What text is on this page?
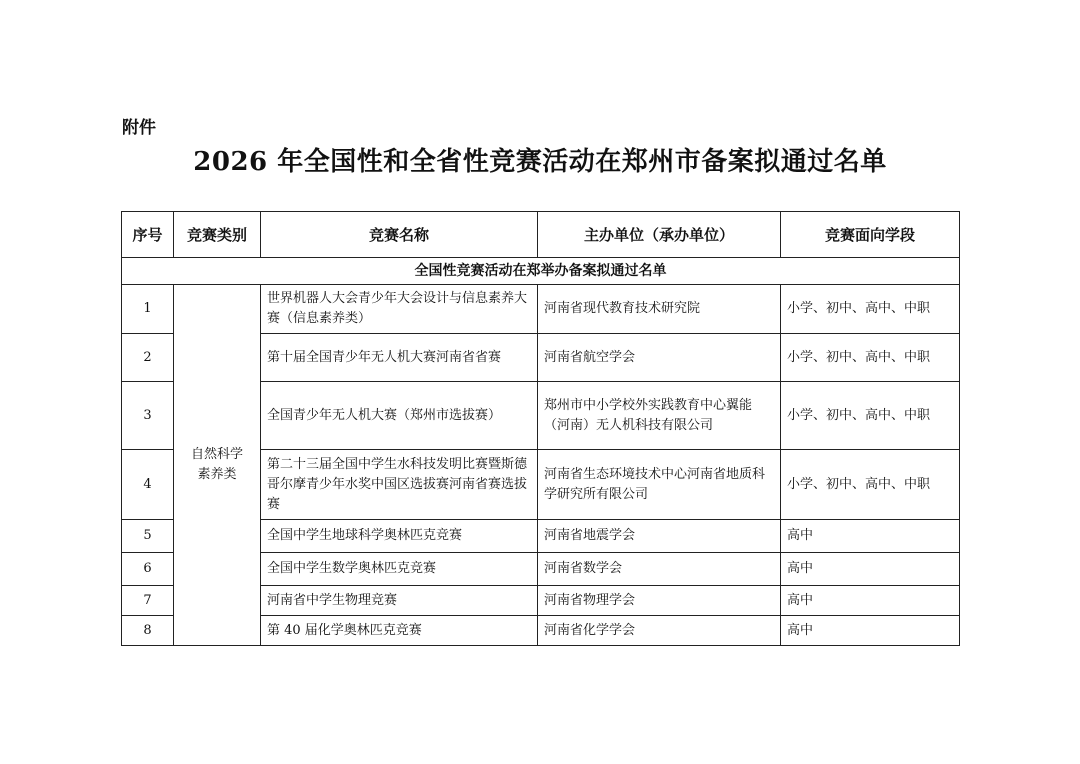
附件
2026 年全国性和全省性竞赛活动在郑州市备案拟通过名单
序号	竞赛类别	竞赛名称	主办单位（承办单位）	竞赛面向学段
全国性竞赛活动在郑举办备案拟通过名单				
1	自然科学素养类	世界机器人大会青少年大会设计与信息素养大赛（信息素养类）	河南省现代教育技术研究院	小学、初中、高中、中职
2		第十届全国青少年无人机大赛河南省省赛	河南省航空学会	小学、初中、高中、中职
3		全国青少年无人机大赛（郑州市选拔赛）	郑州市中小学校外实践教育中心翼能（河南）无人机科技有限公司	小学、初中、高中、中职
4		第二十三届全国中学生水科技发明比赛暨斯德哥尔摩青少年水奖中国区选拔赛河南省赛选拔赛	河南省生态环境技术中心河南省地质科学研究所有限公司	小学、初中、高中、中职
5		全国中学生地球科学奥林匹克竞赛	河南省地震学会	高中
6		全国中学生数学奥林匹克竞赛	河南省数学会	高中
7		河南省中学生物理竞赛	河南省物理学会	高中
8		第 40 届化学奥林匹克竞赛	河南省化学学会	高中
